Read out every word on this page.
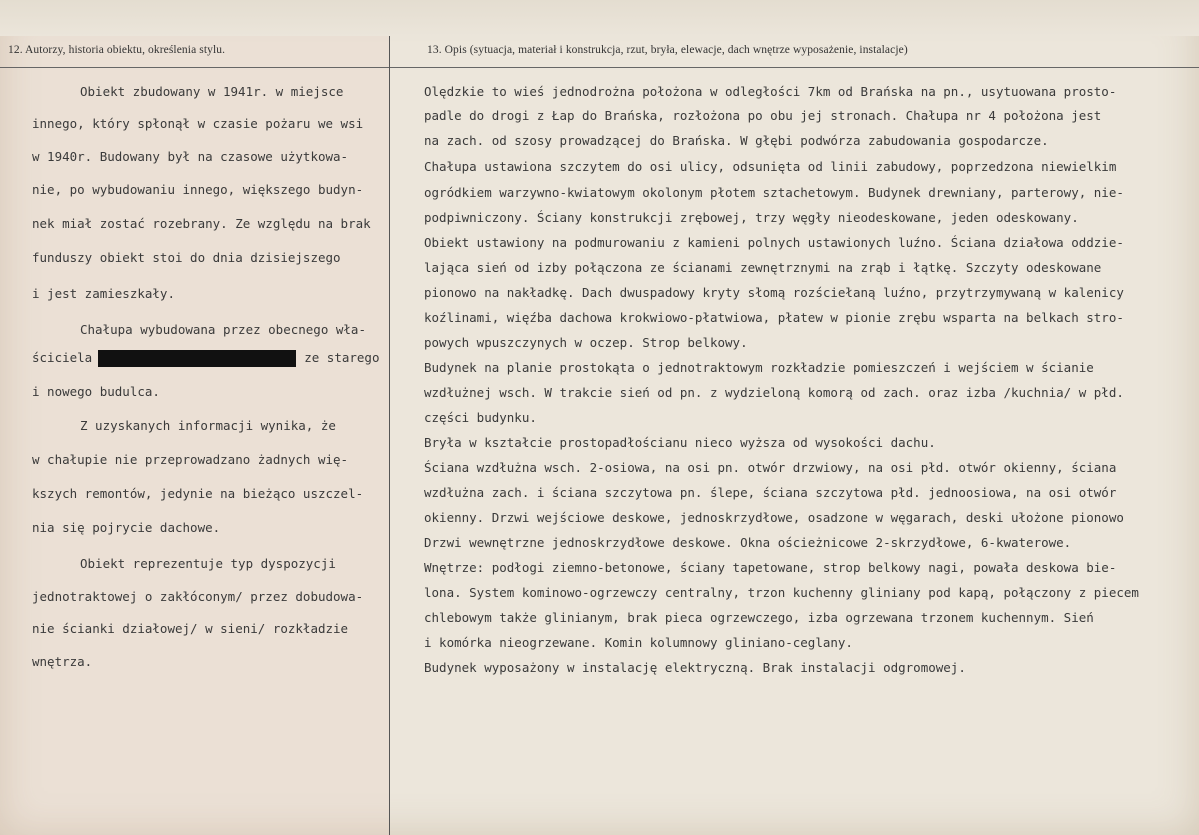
12. Autorzy, historia obiektu, określenia stylu.	13. Opis (sytuacja, materiał i konstrukcja, rzut, bryła, elewacje, dach wnętrze wyposażenie, instalacje)
Obiekt zbudowany w 1941r. w miejsce
innego, który spłonął w czasie pożaru we wsi
w 1940r. Budowany był na czasowe użytkowa-
nie, po wybudowaniu innego, większego budyn-
nek miał zostać rozebrany. Ze względu na brak
funduszy obiekt stoi do dnia dzisiejszego
i jest zamieszkały.
Chałupa wybudowana przez obecnego wła-
ściciela	ze starego
i nowego budulca.
Z uzyskanych informacji wynika, że
w chałupie nie przeprowadzano żadnych wię-
kszych remontów, jedynie na bieżąco uszczel-
nia się pojrycie dachowe.
Obiekt reprezentuje typ dyspozycji
jednotraktowej o zakłóconym/ przez dobudowa-
nie ścianki działowej/ w sieni/ rozkładzie
wnętrza.
Olędzkie to wieś jednodrożna położona w odległości 7km od Brańska na pn., usytuowana prosto-
padle do drogi z Łap do Brańska, rozłożona po obu jej stronach. Chałupa nr 4 położona jest
na zach. od szosy prowadzącej do Brańska. W głębi podwórza zabudowania gospodarcze.
Chałupa ustawiona szczytem do osi ulicy, odsunięta od linii zabudowy, poprzedzona niewielkim
ogródkiem warzywno-kwiatowym okolonym płotem sztachetowym. Budynek drewniany, parterowy, nie-
podpiwniczony. Ściany konstrukcji zrębowej, trzy węgły nieodeskowane, jeden odeskowany.
Obiekt ustawiony na podmurowaniu z kamieni polnych ustawionych luźno. Ściana działowa oddzie-
lająca sień od izby połączona ze ścianami zewnętrznymi na zrąb i łątkę. Szczyty odeskowane
pionowo na nakładkę. Dach dwuspadowy kryty słomą rozściełaną luźno, przytrzymywaną w kalenicy
koźlinami, więźba dachowa krokwiowo-płatwiowa, płatew w pionie zrębu wsparta na belkach stro-
powych wpuszczynych w oczep. Strop belkowy.
Budynek na planie prostokąta o jednotraktowym rozkładzie pomieszczeń i wejściem w ścianie
wzdłużnej wsch. W trakcie sień od pn. z wydzieloną komorą od zach. oraz izba /kuchnia/ w płd.
części budynku.
Bryła w kształcie prostopadłościanu nieco wyższa od wysokości dachu.
Ściana wzdłużna wsch. 2-osiowa, na osi pn. otwór drzwiowy, na osi płd. otwór okienny, ściana
wzdłużna zach. i ściana szczytowa pn. ślepe, ściana szczytowa płd. jednoosiowa, na osi otwór
okienny. Drzwi wejściowe deskowe, jednoskrzydłowe, osadzone w węgarach, deski ułożone pionowo
Drzwi wewnętrzne jednoskrzydłowe deskowe. Okna ościeżnicowe 2-skrzydłowe, 6-kwaterowe.
Wnętrze: podłogi ziemno-betonowe, ściany tapetowane, strop belkowy nagi, powała deskowa bie-
lona. System kominowo-ogrzewczy centralny, trzon kuchenny gliniany pod kapą, połączony z piecem
chlebowym także glinianym, brak pieca ogrzewczego, izba ogrzewana trzonem kuchennym. Sień
i komórka nieogrzewane. Komin kolumnowy gliniano-ceglany.
Budynek wyposażony w instalację elektryczną. Brak instalacji odgromowej.
